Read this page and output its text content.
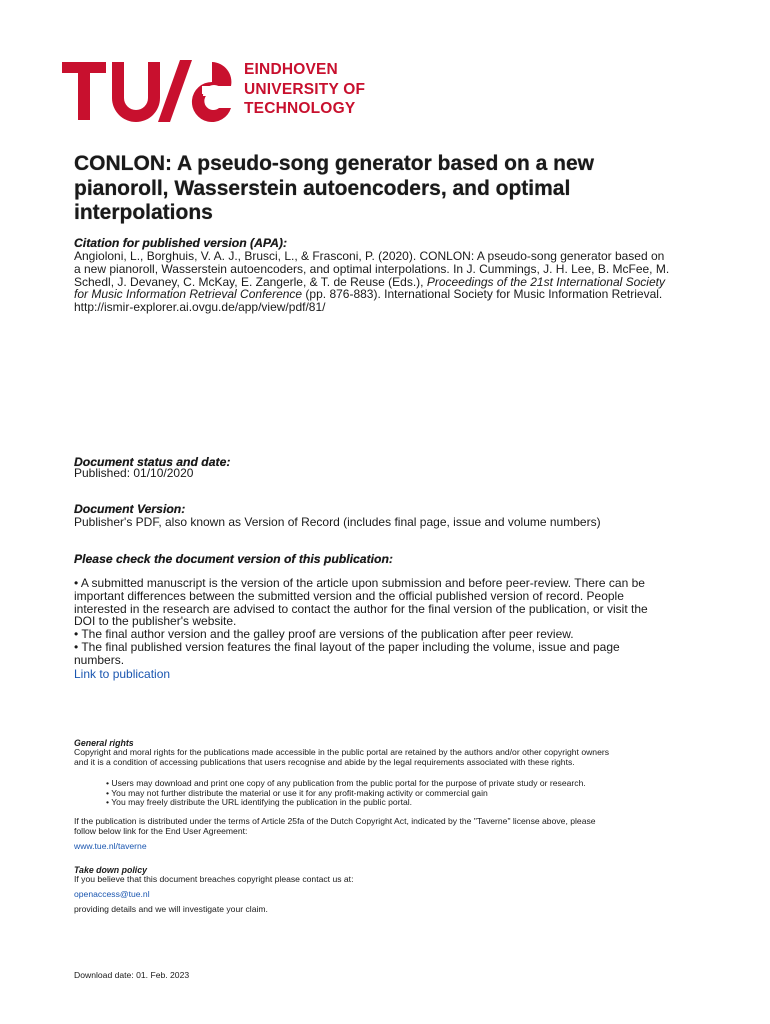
EINDHOVEN
UNIVERSITY OF
TECHNOLOGY
CONLON: A pseudo-song generator based on a new
pianoroll, Wasserstein autoencoders, and optimal
interpolations
Citation for published version (APA):
Angioloni, L., Borghuis, V. A. J., Brusci, L., & Frasconi, P. (2020). CONLON: A pseudo-song generator based on
a new pianoroll, Wasserstein autoencoders, and optimal interpolations. In J. Cummings, J. H. Lee, B. McFee, M.
Schedl, J. Devaney, C. McKay, E. Zangerle, & T. de Reuse (Eds.), Proceedings of the 21st International Society
for Music Information Retrieval Conference (pp. 876-883). International Society for Music Information Retrieval.
http://ismir-explorer.ai.ovgu.de/app/view/pdf/81/
Document status and date:
Published: 01/10/2020
Document Version:
Publisher's PDF, also known as Version of Record (includes final page, issue and volume numbers)
Please check the document version of this publication:
• A submitted manuscript is the version of the article upon submission and before peer-review. There can be
important differences between the submitted version and the official published version of record. People
interested in the research are advised to contact the author for the final version of the publication, or visit the
DOI to the publisher's website.
• The final author version and the galley proof are versions of the publication after peer review.
• The final published version features the final layout of the paper including the volume, issue and page
numbers.
Link to publication
General rights
Copyright and moral rights for the publications made accessible in the public portal are retained by the authors and/or other copyright owners
and it is a condition of accessing publications that users recognise and abide by the legal requirements associated with these rights.
• Users may download and print one copy of any publication from the public portal for the purpose of private study or research.
• You may not further distribute the material or use it for any profit-making activity or commercial gain
• You may freely distribute the URL identifying the publication in the public portal.
If the publication is distributed under the terms of Article 25fa of the Dutch Copyright Act, indicated by the "Taverne" license above, please
follow below link for the End User Agreement:
www.tue.nl/taverne
Take down policy
If you believe that this document breaches copyright please contact us at:
openaccess@tue.nl
providing details and we will investigate your claim.
Download date: 01. Feb. 2023
